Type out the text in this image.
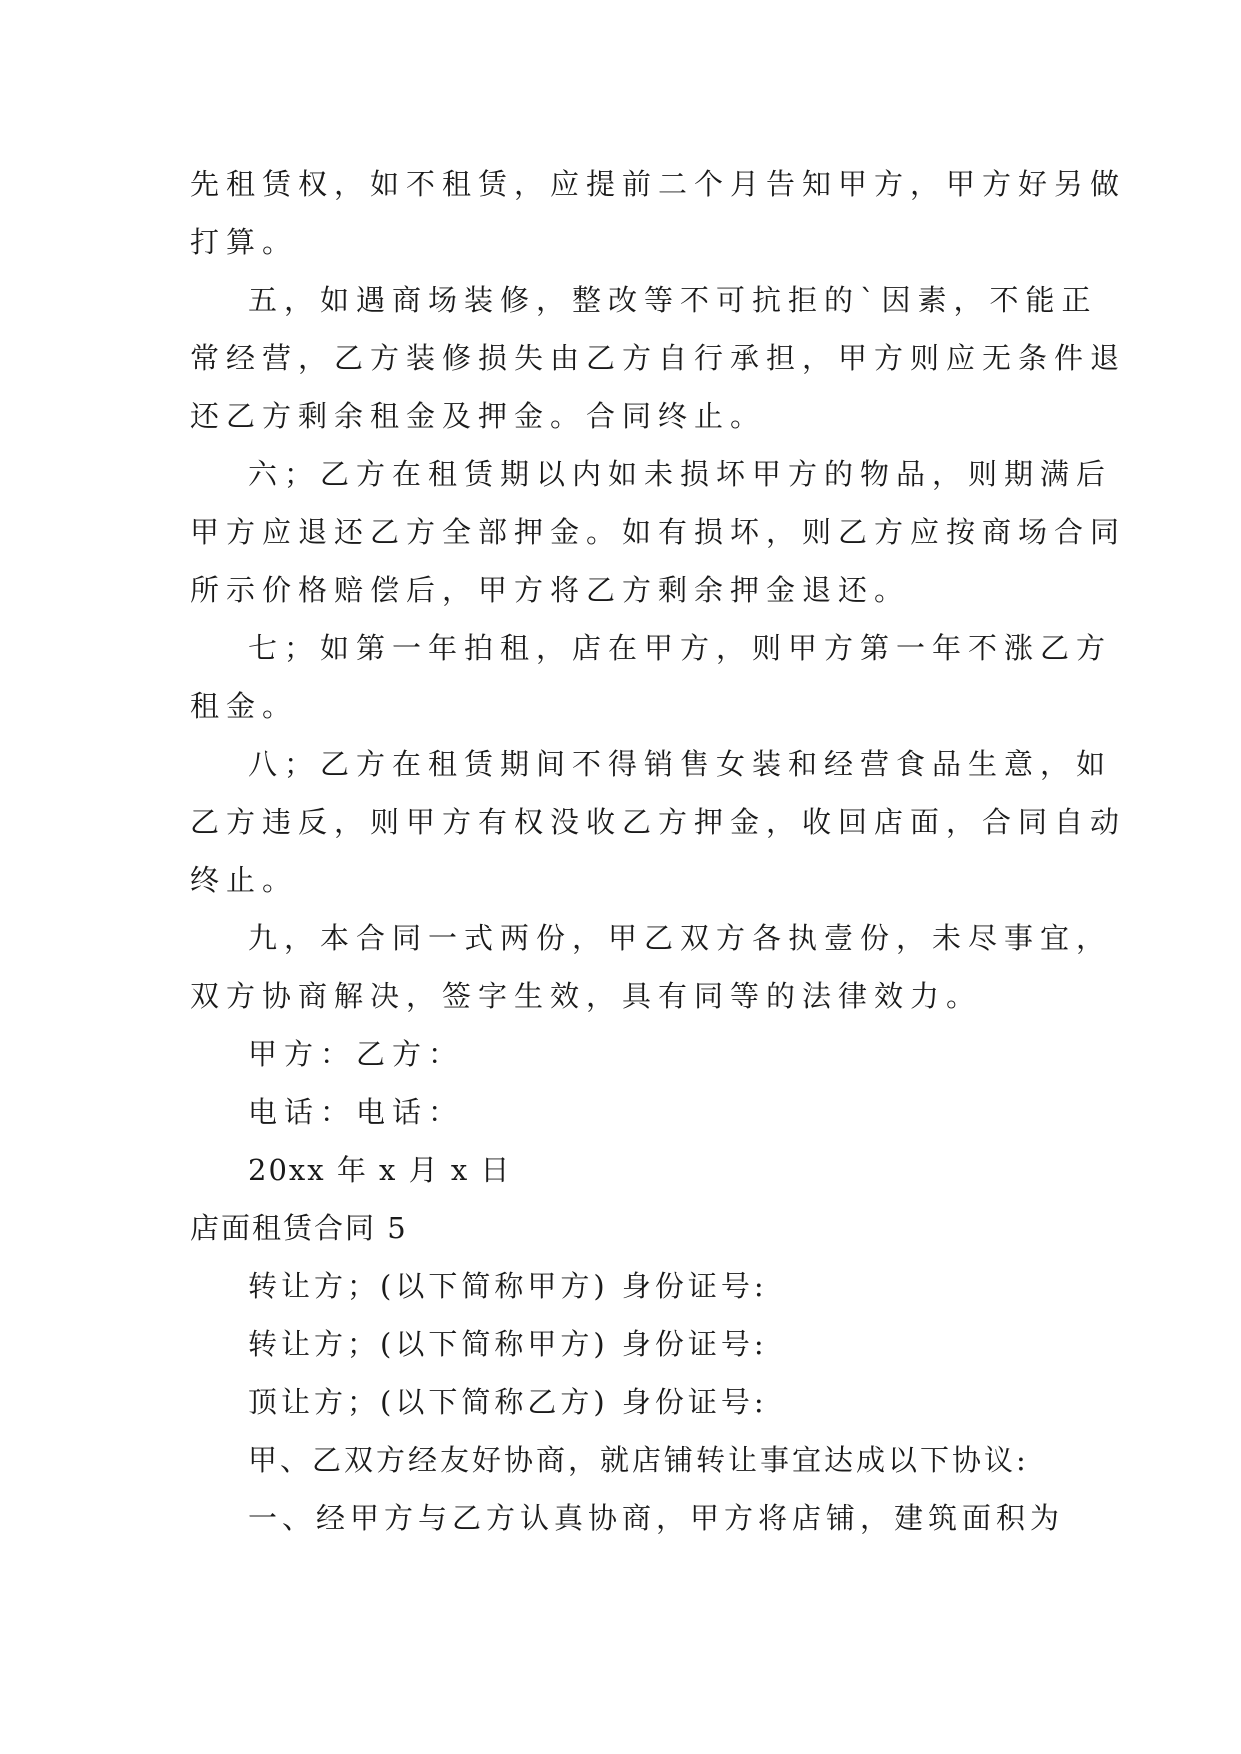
先租赁权，如不租赁，应提前二个月告知甲方，甲方好另做
打算。

五，如遇商场装修，整改等不可抗拒的`因素，不能正
常经营，乙方装修损失由乙方自行承担，甲方则应无条件退
还乙方剩余租金及押金。合同终止。

六；乙方在租赁期以内如未损坏甲方的物品，则期满后
甲方应退还乙方全部押金。如有损坏，则乙方应按商场合同
所示价格赔偿后，甲方将乙方剩余押金退还。

七；如第一年拍租，店在甲方，则甲方第一年不涨乙方
租金。

八；乙方在租赁期间不得销售女装和经营食品生意，如
乙方违反，则甲方有权没收乙方押金，收回店面，合同自动
终止。

九，本合同一式两份，甲乙双方各执壹份，未尽事宜，
双方协商解决，签字生效，具有同等的法律效力。

甲方：乙方：

电话：电话：

20xx 年 x 月 x 日

店面租赁合同 5

转让方；(以下简称甲方) 身份证号:

转让方；(以下简称甲方) 身份证号:

顶让方；(以下简称乙方) 身份证号:

甲、乙双方经友好协商，就店铺转让事宜达成以下协议:

一、经甲方与乙方认真协商，甲方将店铺，建筑面积为
